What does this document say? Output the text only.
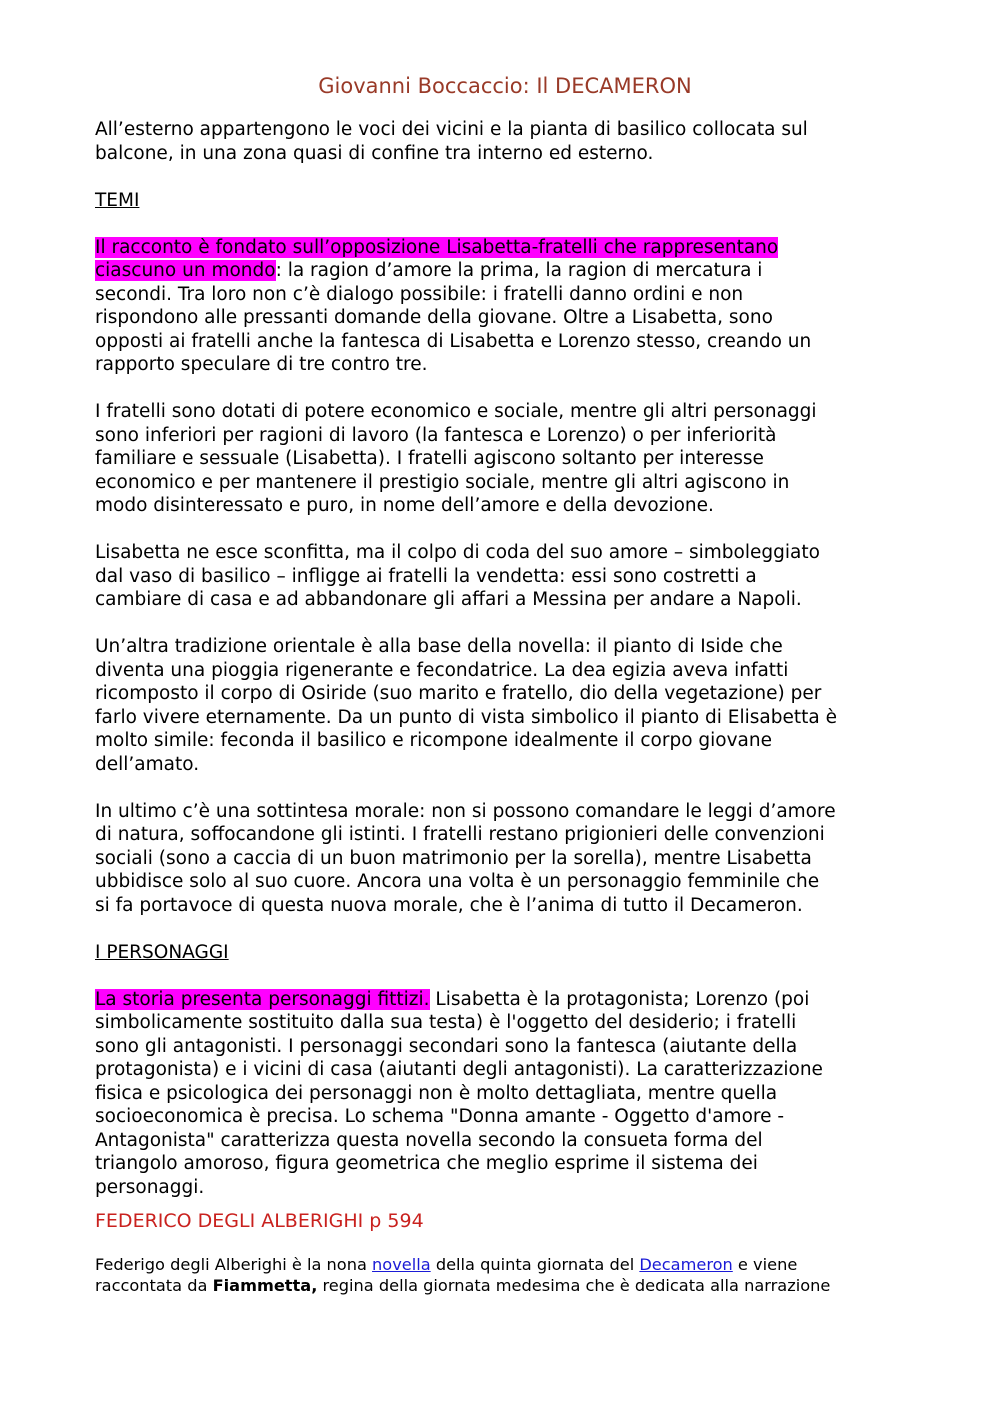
Giovanni Boccaccio: Il DECAMERON

All’esterno appartengono le voci dei vicini e la pianta di basilico collocata sul

balcone, in una zona quasi di confine tra interno ed esterno.

TEMI

Il racconto è fondato sull’opposizione Lisabetta-fratelli che rappresentano

ciascuno un mondo: la ragion d’amore la prima, la ragion di mercatura i

secondi. Tra loro non c’è dialogo possibile: i fratelli danno ordini e non

rispondono alle pressanti domande della giovane. Oltre a Lisabetta, sono

opposti ai fratelli anche la fantesca di Lisabetta e Lorenzo stesso, creando un

rapporto speculare di tre contro tre.

I fratelli sono dotati di potere economico e sociale, mentre gli altri personaggi

sono inferiori per ragioni di lavoro (la fantesca e Lorenzo) o per inferiorità

familiare e sessuale (Lisabetta). I fratelli agiscono soltanto per interesse

economico e per mantenere il prestigio sociale, mentre gli altri agiscono in

modo disinteressato e puro, in nome dell’amore e della devozione.

Lisabetta ne esce sconfitta, ma il colpo di coda del suo amore – simboleggiato

dal vaso di basilico – infligge ai fratelli la vendetta: essi sono costretti a

cambiare di casa e ad abbandonare gli affari a Messina per andare a Napoli.

Un’altra tradizione orientale è alla base della novella: il pianto di Iside che

diventa una pioggia rigenerante e fecondatrice. La dea egizia aveva infatti

ricomposto il corpo di Osiride (suo marito e fratello, dio della vegetazione) per

farlo vivere eternamente. Da un punto di vista simbolico il pianto di Elisabetta è

molto simile: feconda il basilico e ricompone idealmente il corpo giovane

dell’amato.

In ultimo c’è una sottintesa morale: non si possono comandare le leggi d’amore

di natura, soffocandone gli istinti. I fratelli restano prigionieri delle convenzioni

sociali (sono a caccia di un buon matrimonio per la sorella), mentre Lisabetta

ubbidisce solo al suo cuore. Ancora una volta è un personaggio femminile che

si fa portavoce di questa nuova morale, che è l’anima di tutto il Decameron.

I PERSONAGGI

La storia presenta personaggi fittizi. Lisabetta è la protagonista; Lorenzo (poi

simbolicamente sostituito dalla sua testa) è l'oggetto del desiderio; i fratelli

sono gli antagonisti. I personaggi secondari sono la fantesca (aiutante della

protagonista) e i vicini di casa (aiutanti degli antagonisti). La caratterizzazione

fisica e psicologica dei personaggi non è molto dettagliata, mentre quella

socioeconomica è precisa. Lo schema "Donna amante - Oggetto d'amore -

Antagonista" caratterizza questa novella secondo la consueta forma del

triangolo amoroso, figura geometrica che meglio esprime il sistema dei

personaggi.

FEDERICO DEGLI ALBERIGHI p 594

Federigo degli Alberighi è la nona novella della quinta giornata del Decameron e viene
raccontata da Fiammetta, regina della giornata medesima che è dedicata alla narrazione
